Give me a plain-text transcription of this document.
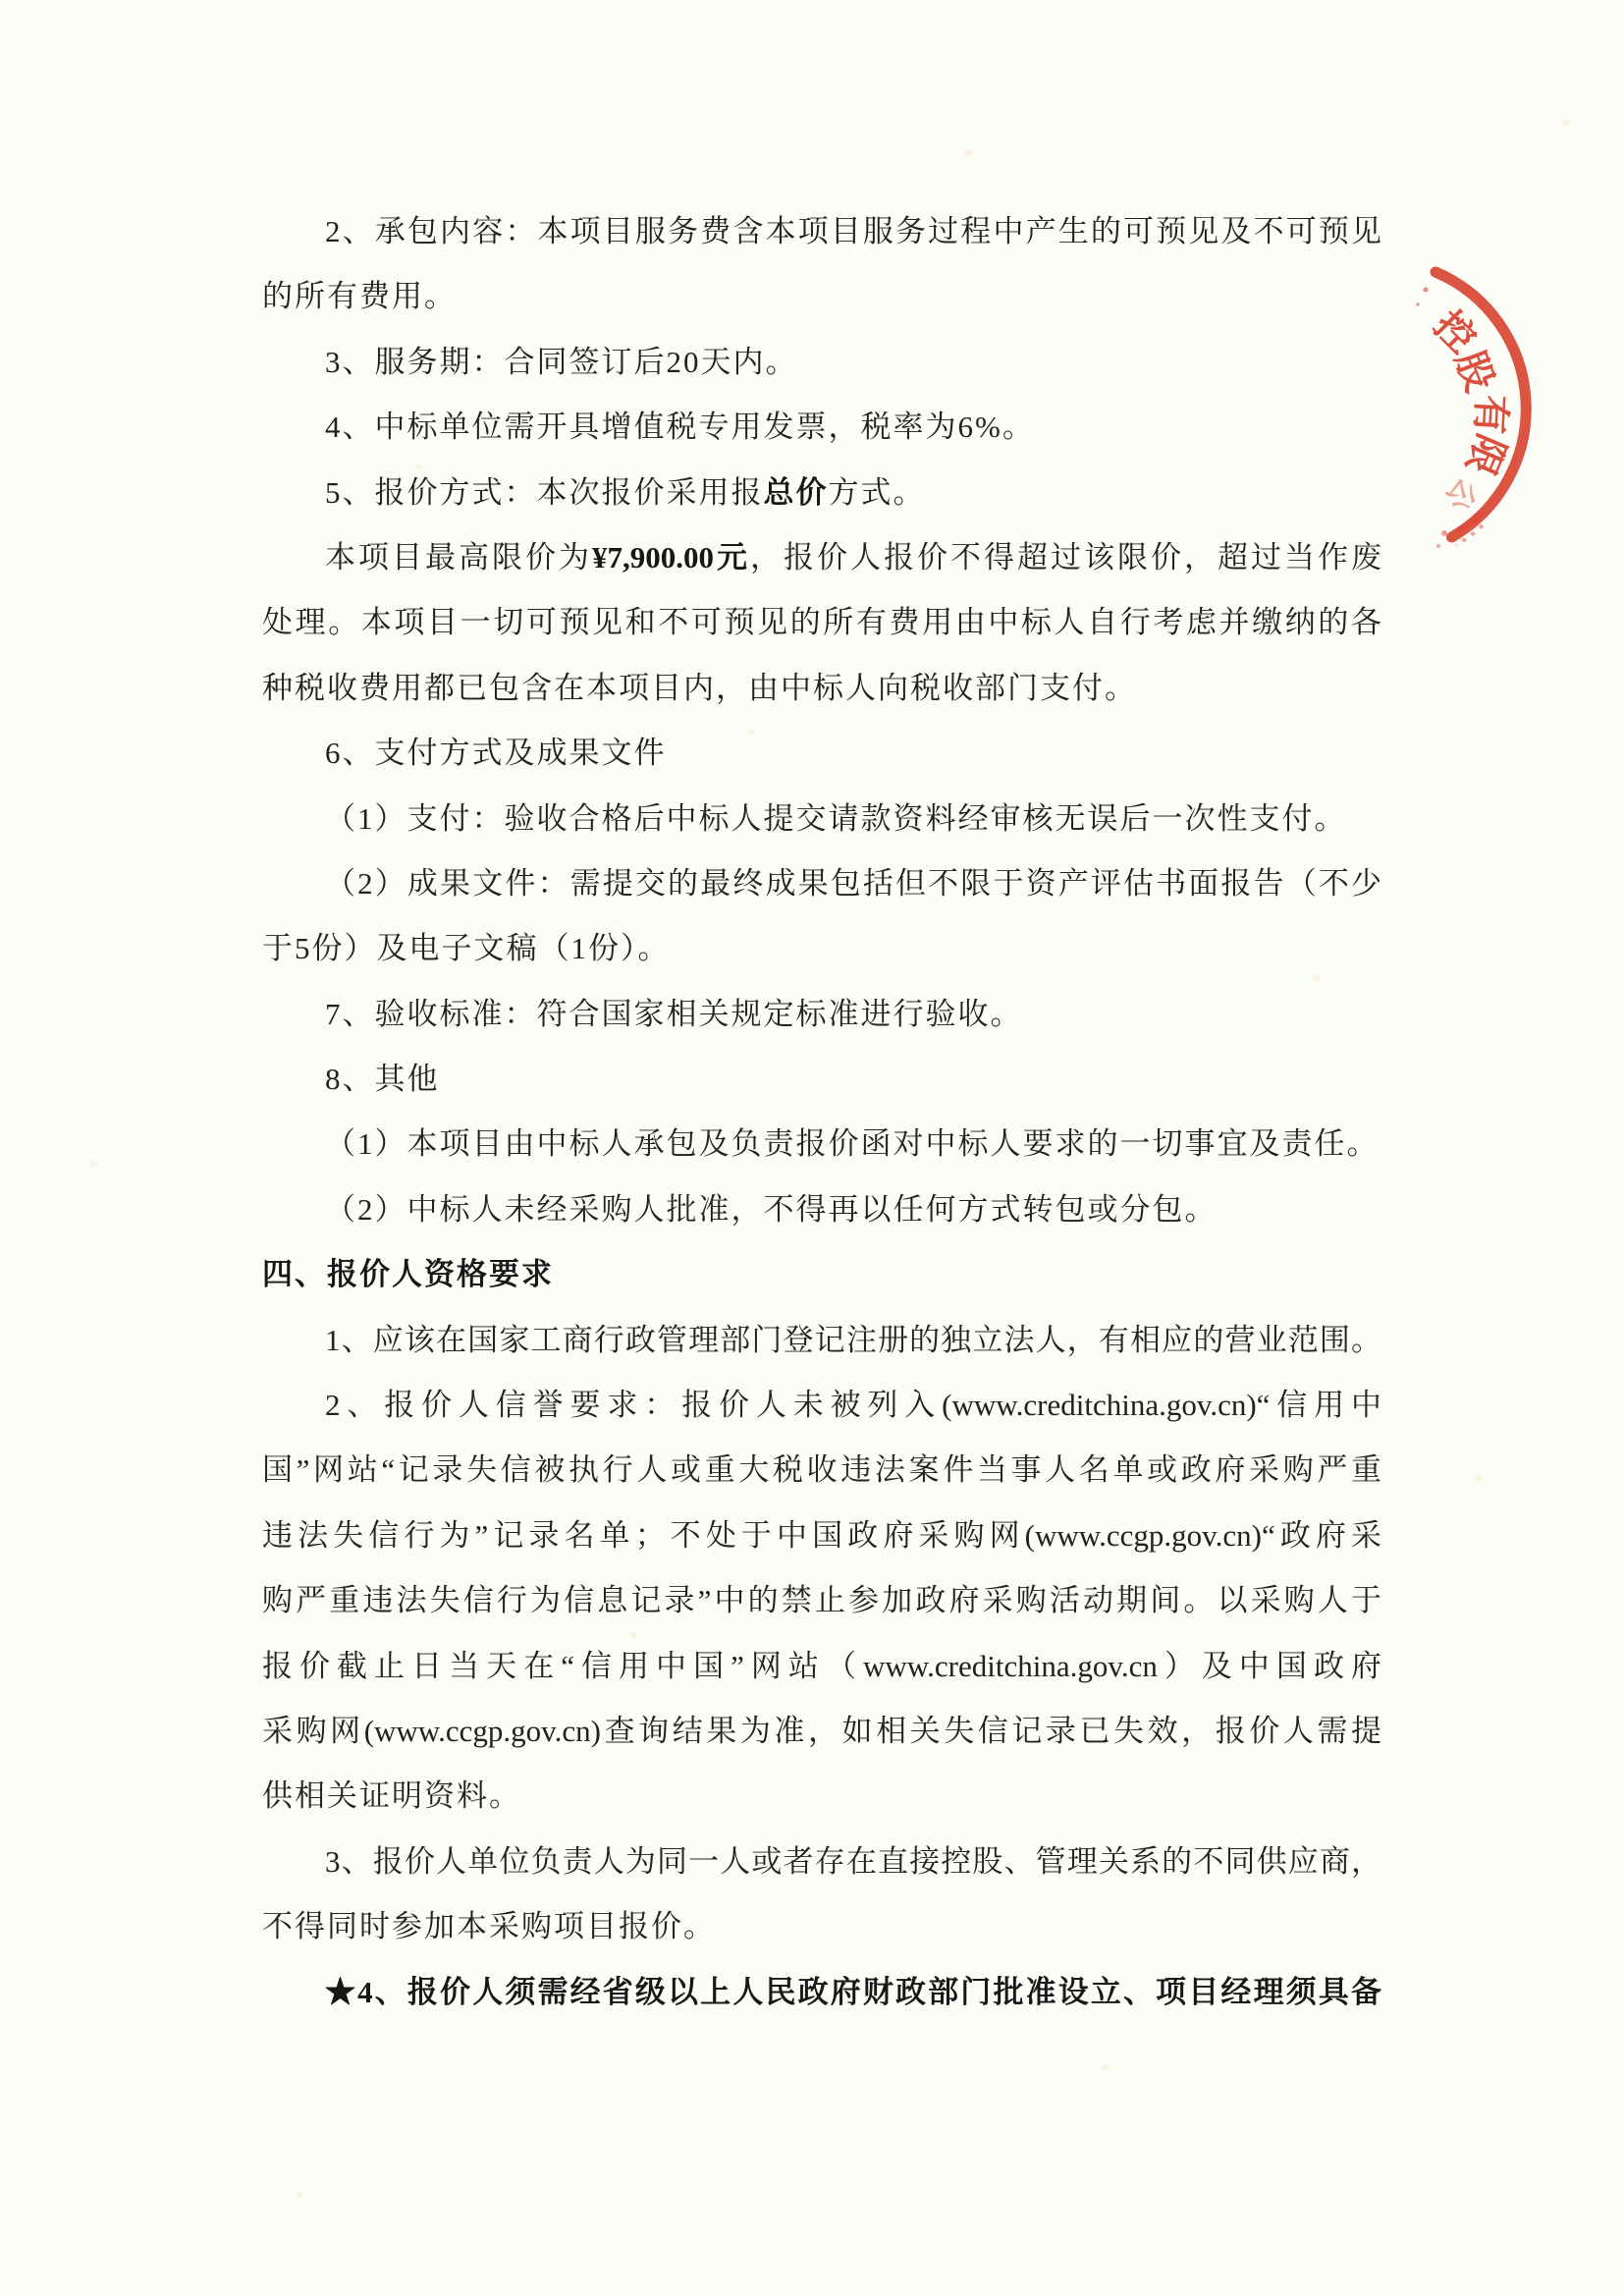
2、承包内容：本项目服务费含本项目服务过程中产生的可预见及不可预见
的所有费用。
3、服务期：合同签订后20天内。
4、中标单位需开具增值税专用发票，税率为6%。
5、报价方式：本次报价采用报总价方式。
本项目最高限价为¥7,900.00元，报价人报价不得超过该限价，超过当作废
处理。本项目一切可预见和不可预见的所有费用由中标人自行考虑并缴纳的各
种税收费用都已包含在本项目内，由中标人向税收部门支付。
6、支付方式及成果文件
（1）支付：验收合格后中标人提交请款资料经审核无误后一次性支付。
（2）成果文件：需提交的最终成果包括但不限于资产评估书面报告（不少
于5份）及电子文稿（1份）。
7、验收标准：符合国家相关规定标准进行验收。
8、其他
（1）本项目由中标人承包及负责报价函对中标人要求的一切事宜及责任。
（2）中标人未经采购人批准，不得再以任何方式转包或分包。
四、报价人资格要求
1、应该在国家工商行政管理部门登记注册的独立法人，有相应的营业范围。
2、报价人信誉要求：报价人未被列入(www.creditchina.gov.cn)“信用中
国”网站“记录失信被执行人或重大税收违法案件当事人名单或政府采购严重
违法失信行为”记录名单；不处于中国政府采购网(www.ccgp.gov.cn)“政府采
购严重违法失信行为信息记录”中的禁止参加政府采购活动期间。以采购人于
报价截止日当天在“信用中国”网站（www.creditchina.gov.cn）及中国政府
采购网(www.ccgp.gov.cn)查询结果为准，如相关失信记录已失效，报价人需提
供相关证明资料。
3、报价人单位负责人为同一人或者存在直接控股、管理关系的不同供应商，
不得同时参加本采购项目报价。
★4、报价人须需经省级以上人民政府财政部门批准设立、项目经理须具备
控
股
有
限
公
